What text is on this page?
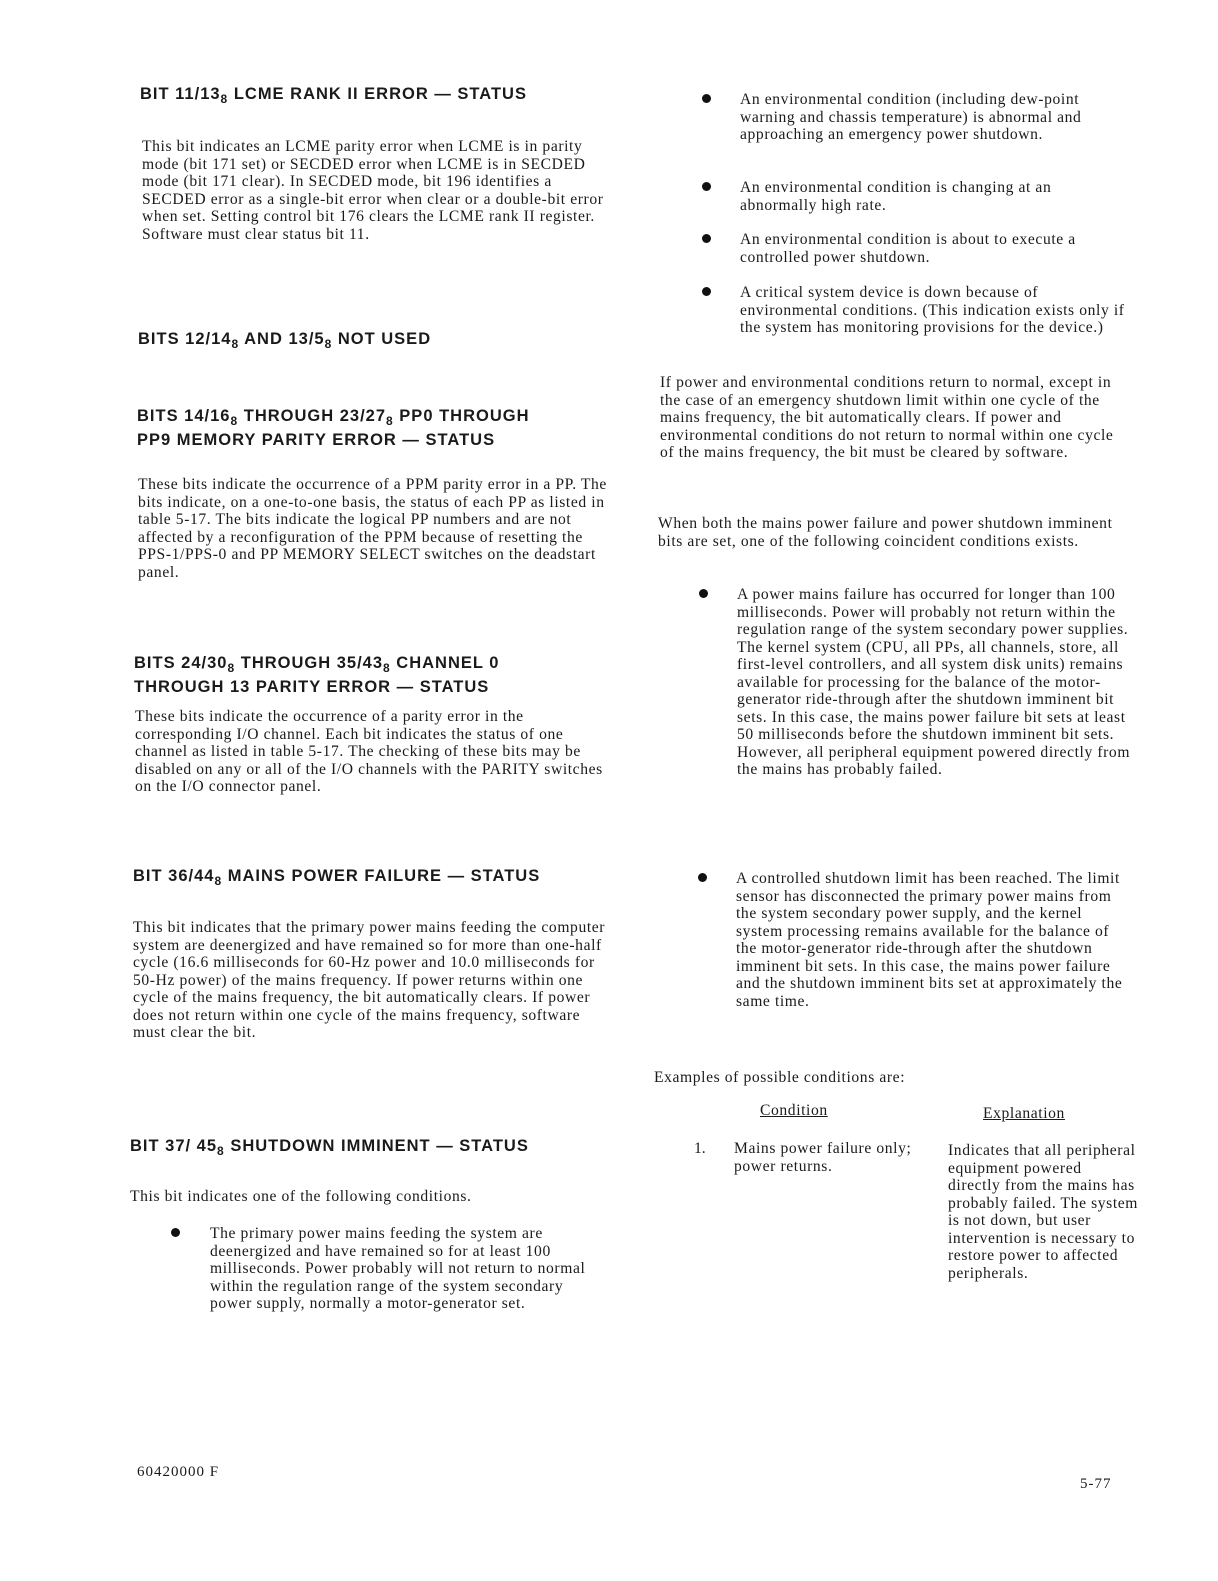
BIT $11/13_8$ LCME RANK II ERROR — STATUS

This bit indicates an LCME parity error when LCME is in parity mode (bit 171 set) or SECDED error when LCME is in SECDED mode (bit 171 clear). In SECDED mode, bit 196 identifies a SECDED error as a single-bit error when clear or a double-bit error when set. Setting control bit 176 clears the LCME rank II register. Software must clear status bit 11.

BITS $12/14_8$ AND $13/5_8$ NOT USED
BITS $14/16_8$ THROUGH $23/27_8$ PP0 THROUGH
PP9 MEMORY PARITY ERROR — STATUS

These bits indicate the occurrence of a PPM parity error in a PP. The bits indicate, on a one-to-one basis, the status of each PP as listed in table 5-17. The bits indicate the logical PP numbers and are not affected by a reconfiguration of the PPM because of resetting the PPS-1/PPS-0 and PP MEMORY SELECT switches on the deadstart panel.

BITS $24/30_8$ THROUGH $35/43_8$ CHANNEL 0
THROUGH 13 PARITY ERROR — STATUS

These bits indicate the occurrence of a parity error in the corresponding I/O channel. Each bit indicates the status of one channel as listed in table 5-17. The checking of these bits may be disabled on any or all of the I/O channels with the PARITY switches on the I/O connector panel.

BIT $36/44_8$ MAINS POWER FAILURE — STATUS

This bit indicates that the primary power mains feeding the computer system are deenergized and have remained so for more than one-half cycle (16.6 milliseconds for 60-Hz power and 10.0 milliseconds for 50-Hz power) of the mains frequency. If power returns within one cycle of the mains frequency, the bit automatically clears. If power does not return within one cycle of the mains frequency, software must clear the bit.

BIT 37/ $45_8$ SHUTDOWN IMMINENT — STATUS

This bit indicates one of the following conditions.

The primary power mains feeding the system are deenergized and have remained so for at least 100 milliseconds. Power probably will not return to normal within the regulation range of the system secondary power supply, normally a motor-generator set.

An environmental condition (including dew-point warning and chassis temperature) is abnormal and approaching an emergency power shutdown.

An environmental condition is changing at an abnormally high rate.

An environmental condition is about to execute a controlled power shutdown.

A critical system device is down because of environmental conditions. (This indication exists only if the system has monitoring provisions for the device.)

If power and environmental conditions return to normal, except in the case of an emergency shutdown limit within one cycle of the mains frequency, the bit automatically clears. If power and environmental conditions do not return to normal within one cycle of the mains frequency, the bit must be cleared by software.

When both the mains power failure and power shutdown imminent bits are set, one of the following coincident conditions exists.

A power mains failure has occurred for longer than 100 milliseconds. Power will probably not return within the regulation range of the system secondary power supplies. The kernel system (CPU, all PPs, all channels, store, all first-level controllers, and all system disk units) remains available for processing for the balance of the motor-generator ride-through after the shutdown imminent bit sets. In this case, the mains power failure bit sets at least 50 milliseconds before the shutdown imminent bit sets. However, all peripheral equipment powered directly from the mains has probably failed.

A controlled shutdown limit has been reached. The limit sensor has disconnected the primary power mains from the system secondary power supply, and the kernel system processing remains available for the balance of the motor-generator ride-through after the shutdown imminent bit sets. In this case, the mains power failure and the shutdown imminent bits set at approximately the same time.

Examples of possible conditions are:

Condition	Explanation

1. Mains power failure only; power returns.

Indicates that all peripheral equipment powered directly from the mains has probably failed. The system is not down, but user intervention is necessary to restore power to affected peripherals.

60420000 F

5-77
